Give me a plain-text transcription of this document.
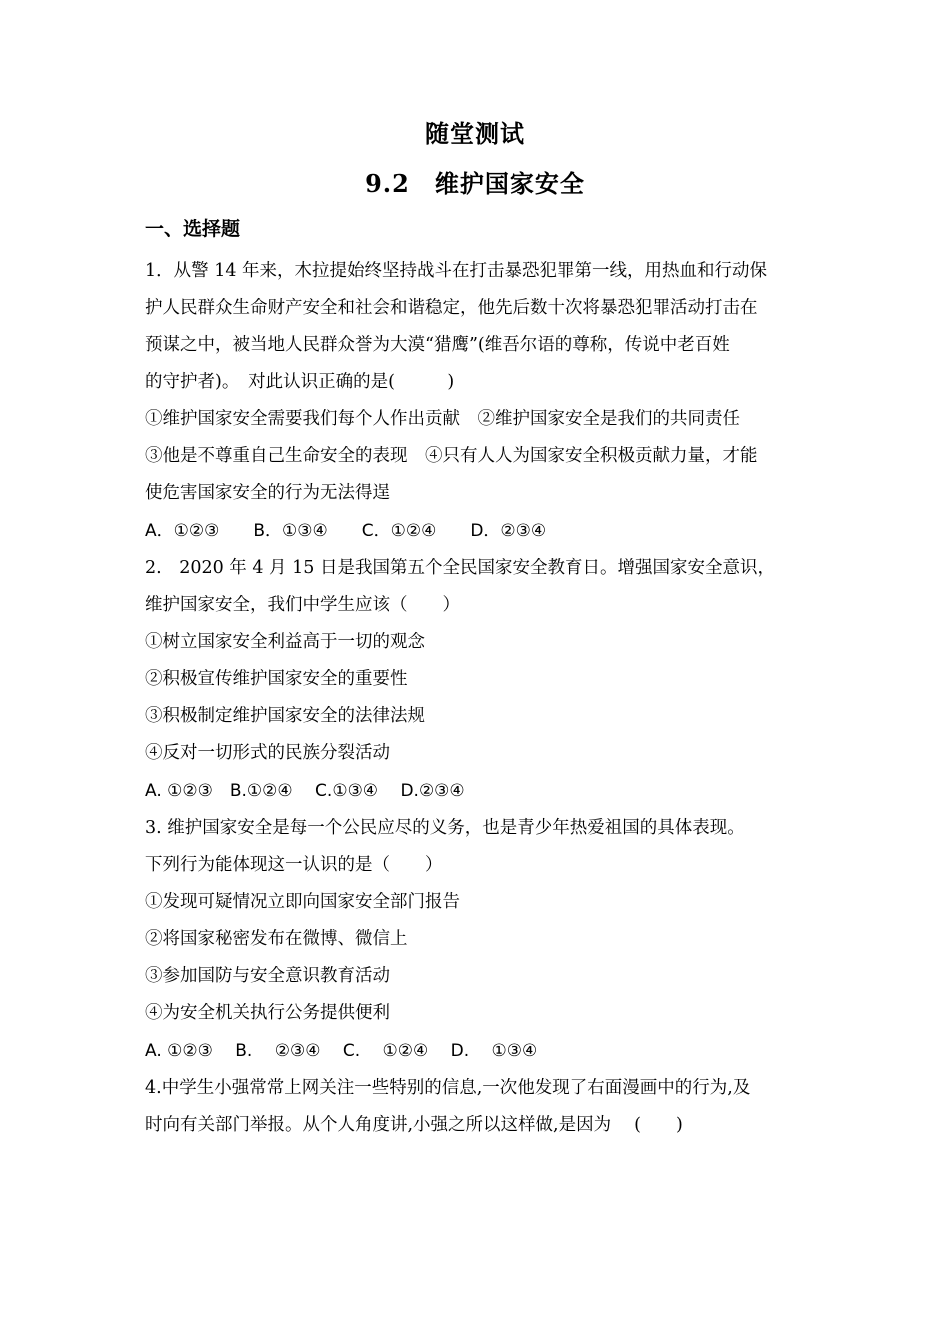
随堂测试
9.2　维护国家安全
一、选择题
1．从警 14 年来，木拉提始终坚持战斗在打击暴恐犯罪第一线，用热血和行动保
护人民群众生命财产安全和社会和谐稳定，他先后数十次将暴恐犯罪活动打击在
预谋之中，被当地人民群众誉为大漠“猎鹰”(维吾尔语的尊称，传说中老百姓
的守护者)。　对此认识正确的是(　　　)
①维护国家安全需要我们每个人作出贡献　②维护国家安全是我们的共同责任
③他是不尊重自己生命安全的表现　④只有人人为国家安全积极贡献力量，才能
使危害国家安全的行为无法得逞
A．①②③　　B．①③④　　C．①②④　　D．②③④
2.　2020 年 4 月 15 日是我国第五个全民国家安全教育日。增强国家安全意识，
维护国家安全，我们中学生应该（　　）
①树立国家安全利益高于一切的观念
②积极宣传维护国家安全的重要性
③积极制定维护国家安全的法律法规
④反对一切形式的民族分裂活动
A. ①②③　B.①②④　 C.①③④　 D.②③④
3. 维护国家安全是每一个公民应尽的义务，也是青少年热爱祖国的具体表现。
下列行为能体现这一认识的是（　　）
①发现可疑情况立即向国家安全部门报告
②将国家秘密发布在微博、微信上
③参加国防与安全意识教育活动
④为安全机关执行公务提供便利
A. ①②③　 B.　 ②③④　 C.　 ①②④　 D.　 ①③④
4.中学生小强常常上网关注一些特别的信息,一次他发现了右面漫画中的行为,及
时向有关部门举报。从个人角度讲,小强之所以这样做,是因为　 (　　)
